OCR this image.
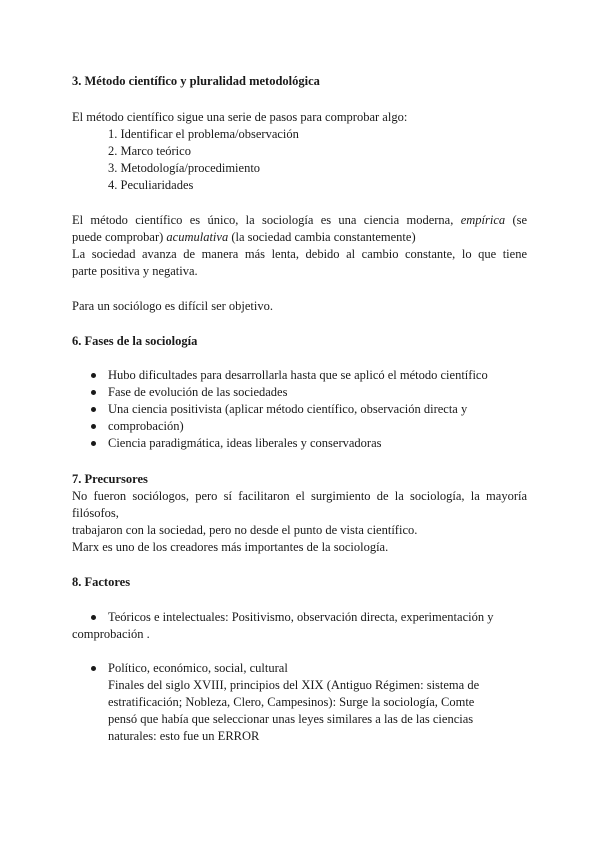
3. Método científico y pluralidad metodológica
El método científico sigue una serie de pasos para comprobar algo:
1. Identificar el problema/observación
2. Marco teórico
3. Metodología/procedimiento
4. Peculiaridades
El método científico es único, la sociología es una ciencia moderna, empírica (se
puede comprobar) acumulativa (la sociedad cambia constantemente)
La sociedad avanza de manera más lenta, debido al cambio constante, lo que tiene
parte positiva y negativa.
Para un sociólogo es difícil ser objetivo.
6. Fases de la sociología
Hubo dificultades para desarrollarla hasta que se aplicó el método científico
Fase de evolución de las sociedades
Una ciencia positivista (aplicar método científico, observación directa y
comprobación)
Ciencia paradigmática, ideas liberales y conservadoras
7. Precursores
No fueron sociólogos, pero sí facilitaron el surgimiento de la sociología, la mayoría
filósofos,
trabajaron con la sociedad, pero no desde el punto de vista científico.
Marx es uno de los creadores más importantes de la sociología.
8. Factores
Teóricos e intelectuales: Positivismo, observación directa, experimentación y
comprobación .
Político, económico, social, cultural
Finales del siglo XVIII, principios del XIX (Antiguo Régimen: sistema de
estratificación; Nobleza, Clero, Campesinos): Surge la sociología, Comte
pensó que había que seleccionar unas leyes similares a las de las ciencias
naturales: esto fue un ERROR
